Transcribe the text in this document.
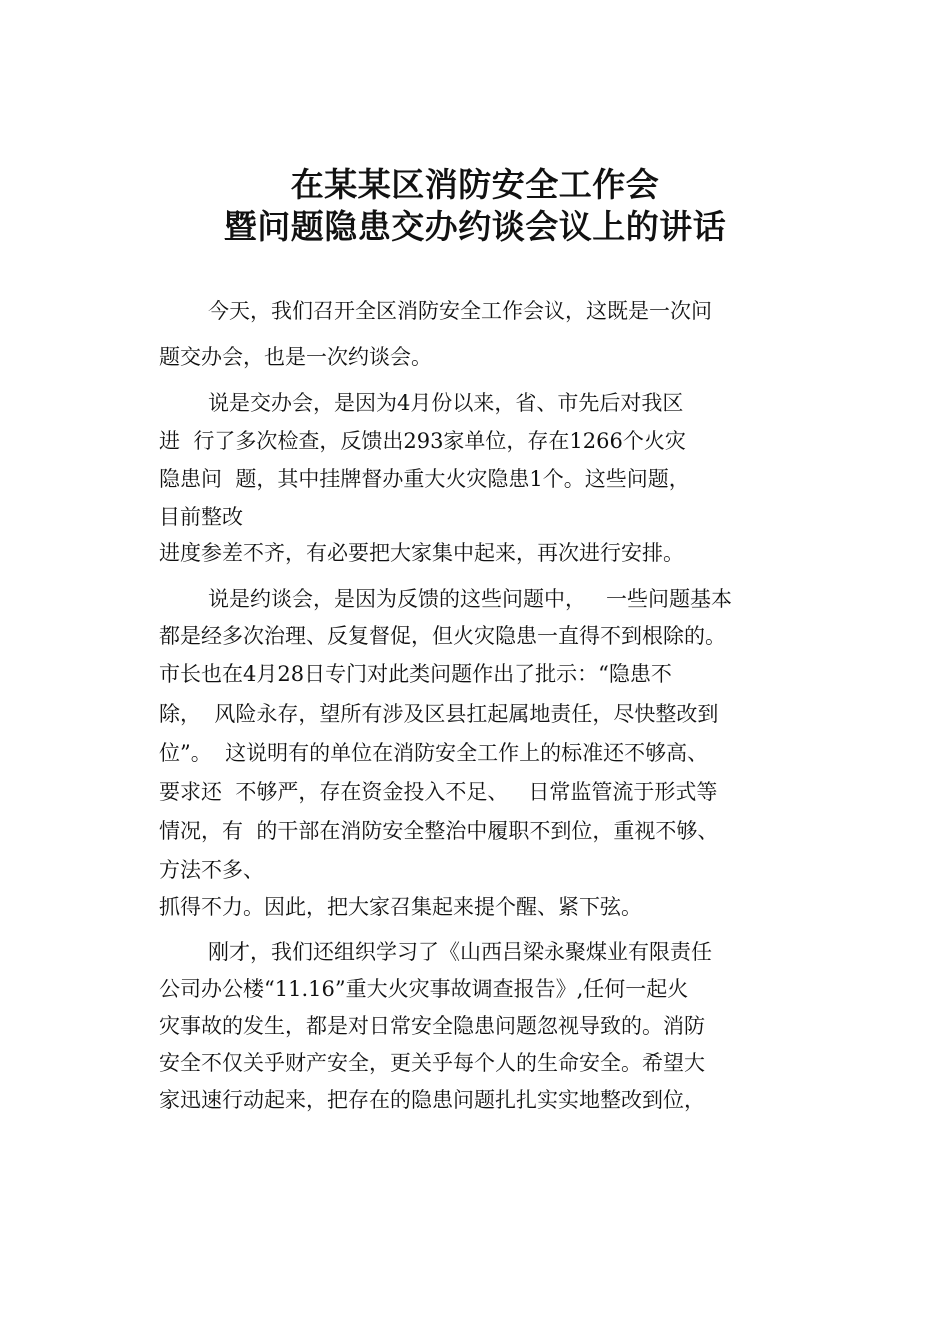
在某某区消防安全工作会
暨问题隐患交办约谈会议上的讲话

今天，我们召开全区消防安全工作会议，这既是一次问

题交办会，也是一次约谈会。

说是交办会，是因为4月份以来，省、市先后对我区

进  行了多次检查，反馈出293家单位，存在1266个火灾

隐患问  题，其中挂牌督办重大火灾隐患1个。这些问题，

目前整改

进度参差不齐，有必要把大家集中起来，再次进行安排。

说是约谈会，是因为反馈的这些问题中，   一些问题基本

都是经多次治理、反复督促，但火灾隐患一直得不到根除的。

市长也在4月28日专门对此类问题作出了批示：“隐患不

除，  风险永存，望所有涉及区县扛起属地责任，尽快整改到

位”。  这说明有的单位在消防安全工作上的标准还不够高、

要求还  不够严，存在资金投入不足、   日常监管流于形式等

情况，有  的干部在消防安全整治中履职不到位，重视不够、

方法不多、

抓得不力。因此，把大家召集起来提个醒、紧下弦。

刚才，我们还组织学习了《山西吕梁永聚煤业有限责任

公司办公楼“11.16”重大火灾事故调查报告》,任何一起火

灾事故的发生，都是对日常安全隐患问题忽视导致的。消防

安全不仅关乎财产安全，更关乎每个人的生命安全。希望大

家迅速行动起来，把存在的隐患问题扎扎实实地整改到位，
